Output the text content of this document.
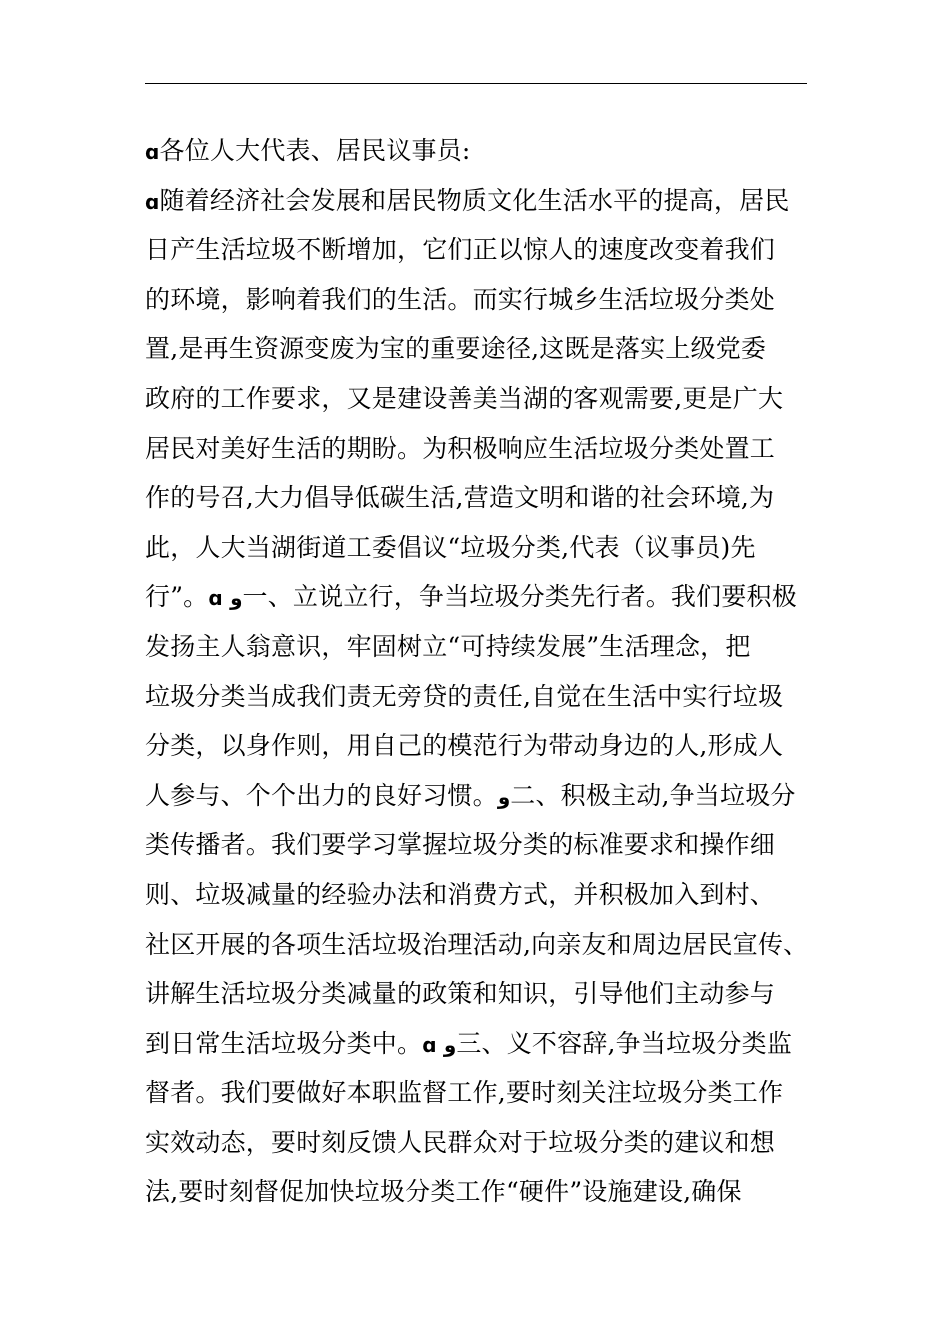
ɑ各位人大代表、居民议事员:
ɑ随着经济社会发展和居民物质文化生活水平的提高，居民
日产生活垃圾不断增加，它们正以惊人的速度改变着我们
的环境，影响着我们的生活。而实行城乡生活垃圾分类处
置,是再生资源变废为宝的重要途径,这既是落实上级党委
政府的工作要求，又是建设善美当湖的客观需要,更是广大
居民对美好生活的期盼。为积极响应生活垃圾分类处置工
作的号召,大力倡导低碳生活,营造文明和谐的社会环境,为
此，人大当湖街道工委倡议“垃圾分类,代表（议事员)先
行”。ɑ و一、立说立行，争当垃圾分类先行者。我们要积极
发扬主人翁意识，牢固树立“可持续发展”生活理念，把
垃圾分类当成我们责无旁贷的责任,自觉在生活中实行垃圾
分类，以身作则，用自己的模范行为带动身边的人,形成人
人参与、个个出力的良好习惯。و二、积极主动,争当垃圾分
类传播者。我们要学习掌握垃圾分类的标准要求和操作细
则、垃圾减量的经验办法和消费方式，并积极加入到村、
社区开展的各项生活垃圾治理活动,向亲友和周边居民宣传、
讲解生活垃圾分类减量的政策和知识，引导他们主动参与
到日常生活垃圾分类中。ɑ و三、义不容辞,争当垃圾分类监
督者。我们要做好本职监督工作,要时刻关注垃圾分类工作
实效动态，要时刻反馈人民群众对于垃圾分类的建议和想
法,要时刻督促加快垃圾分类工作“硬件”设施建设,确保
